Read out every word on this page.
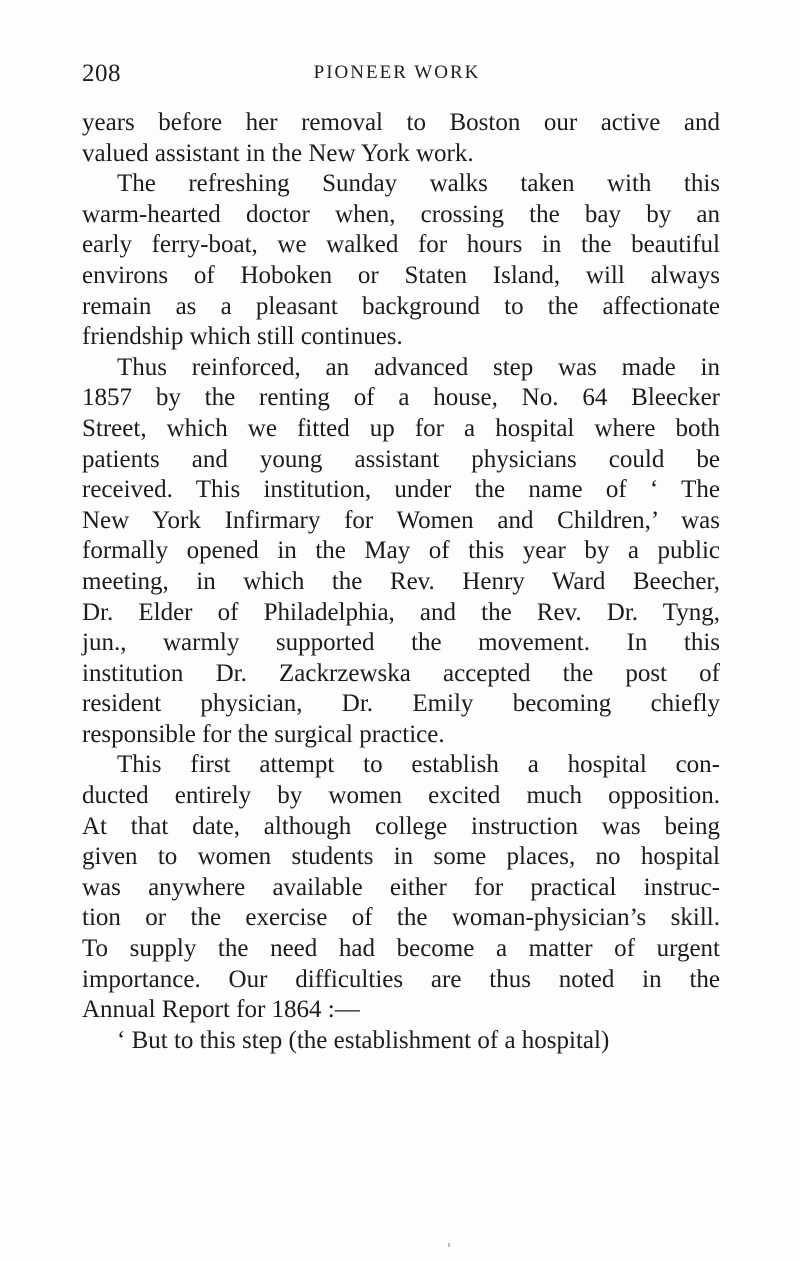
208	PIONEER WORK
years before her removal to Boston our active and
valued assistant in the New York work.
The refreshing Sunday walks taken with this
warm-hearted doctor when, crossing the bay by an
early ferry-boat, we walked for hours in the beautiful
environs of Hoboken or Staten Island, will always
remain as a pleasant background to the affectionate
friendship which still continues.
Thus reinforced, an advanced step was made in
1857 by the renting of a house, No. 64 Bleecker
Street, which we fitted up for a hospital where both
patients and young assistant physicians could be
received. This institution, under the name of ‘ The
New York Infirmary for Women and Children,’ was
formally opened in the May of this year by a public
meeting, in which the Rev. Henry Ward Beecher,
Dr. Elder of Philadelphia, and the Rev. Dr. Tyng,
jun., warmly supported the movement. In this
institution Dr. Zackrzewska accepted the post of
resident physician, Dr. Emily becoming chiefly
responsible for the surgical practice.
This first attempt to establish a hospital con-
ducted entirely by women excited much opposition.
At that date, although college instruction was being
given to women students in some places, no hospital
was anywhere available either for practical instruc-
tion or the exercise of the woman-physician’s skill.
To supply the need had become a matter of urgent
importance. Our difficulties are thus noted in the
Annual Report for 1864 :—
‘ But to this step (the establishment of a hospital)
